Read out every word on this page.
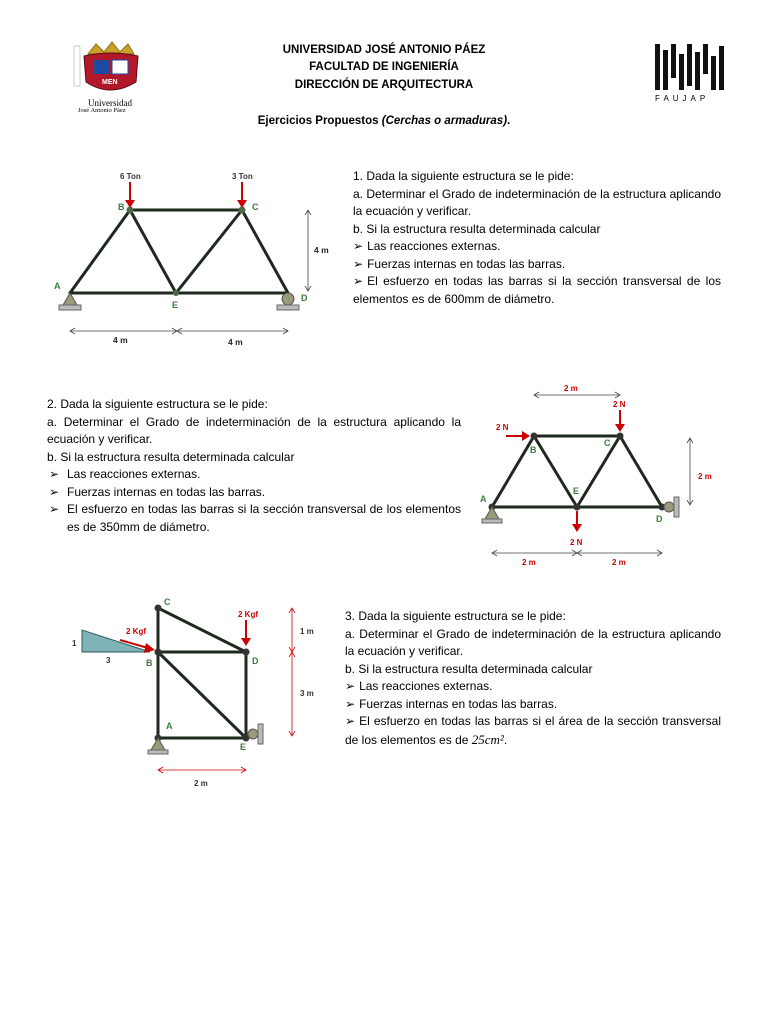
MEN
Universidad
José Antonio Páez
UNIVERSIDAD JOSÉ ANTONIO PÁEZ
FACULTAD DE INGENIERÍA
DIRECCIÓN DE ARQUITECTURA
FAUJAP
Ejercicios Propuestos (Cerchas o armaduras).
6 Ton	3 Ton
B	C
A
E
D
4 m
4 m	4 m

1. Dada la siguiente estructura se le pide:

a. Determinar el Grado de indeterminación de la estructura aplicando la ecuación y verificar.

b. Si la estructura resulta determinada calcular

➢ Las reacciones externas.

➢ Fuerzas internas en todas las barras.

➢ El esfuerzo en todas las barras si la sección transversal de los elementos es de 600mm de diámetro.

2. Dada la siguiente estructura se le pide:

a. Determinar el Grado de indeterminación de la estructura aplicando la ecuación y verificar.

b. Si la estructura resulta determinada calcular

➢ Las reacciones externas.

➢ Fuerzas internas en todas las barras.

➢ El esfuerzo en todas las barras si la sección transversal de los elementos es de 350mm de diámetro.

2 m
2 N
2 N
2 N
B
C
A
E
D
2 m
2 m	2 m
1
3
2 Kgf
2 Kgf
C
B	D
A
E
1 m
3 m
2 m

3. Dada la siguiente estructura se le pide:

a. Determinar el Grado de indeterminación de la estructura aplicando la ecuación y verificar.

b. Si la estructura resulta determinada calcular

➢ Las reacciones externas.

➢ Fuerzas internas en todas las barras.

➢ El esfuerzo en todas las barras si el área de la sección transversal de los elementos es de 25cm².
